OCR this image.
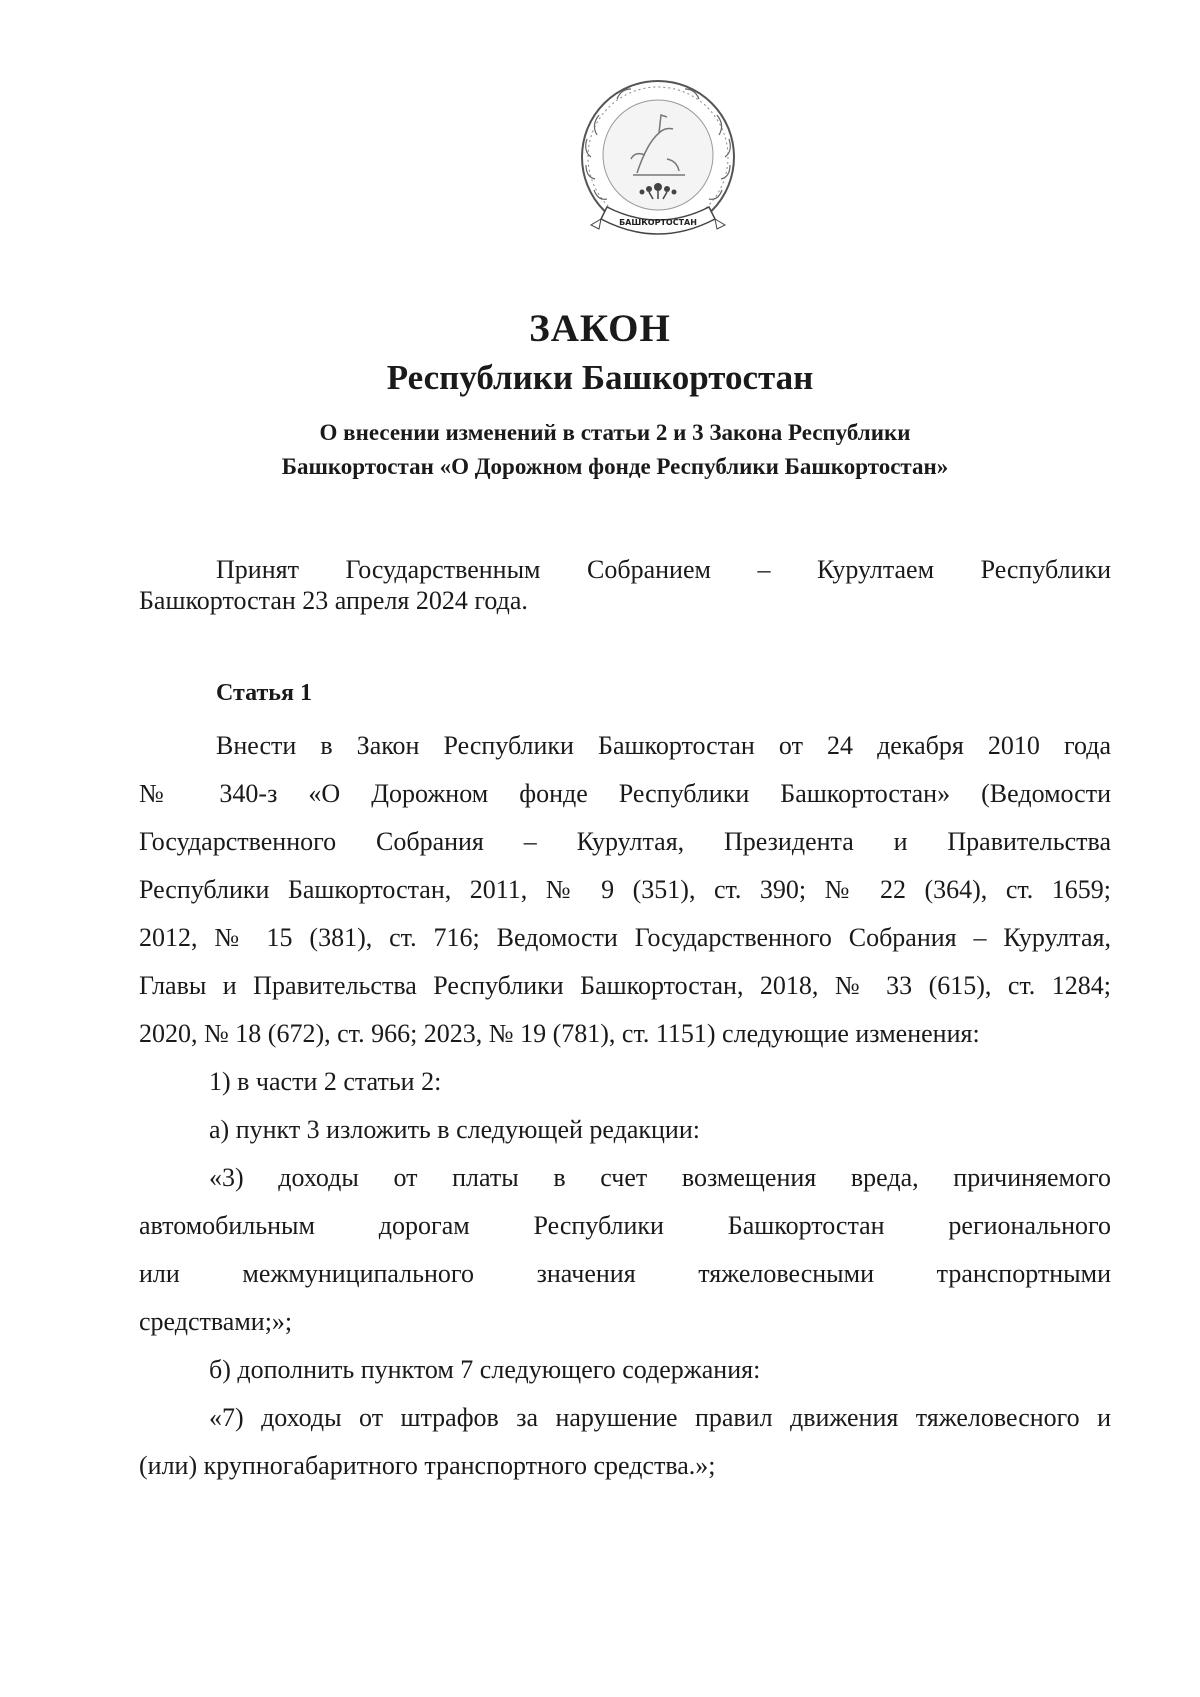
БАШКОРТОСТАН
ЗАКОН
Республики Башкортостан
О внесении изменений в статьи 2 и 3 Закона Республики
Башкортостан «О Дорожном фонде Республики Башкортостан»
Принят Государственным Собранием – Курултаем Республики
Башкортостан 23 апреля 2024 года.
Статья 1
Внести в Закон Республики Башкортостан от 24 декабря 2010 года
№ 340-з «О Дорожном фонде Республики Башкортостан» (Ведомости
Государственного Собрания – Курултая, Президента и Правительства
Республики Башкортостан, 2011, № 9 (351), ст. 390; № 22 (364), ст. 1659;
2012, № 15 (381), ст. 716; Ведомости Государственного Собрания – Курултая,
Главы и Правительства Республики Башкортостан, 2018, № 33 (615), ст. 1284;
2020, № 18 (672), ст. 966; 2023, № 19 (781), ст. 1151) следующие изменения:
1) в части 2 статьи 2:
а) пункт 3 изложить в следующей редакции:
«3) доходы от платы в счет возмещения вреда, причиняемого
автомобильным дорогам Республики Башкортостан регионального
или межмуниципального значения тяжеловесными транспортными
средствами;»;
б) дополнить пунктом 7 следующего содержания:
«7) доходы от штрафов за нарушение правил движения тяжеловесного и
(или) крупногабаритного транспортного средства.»;
